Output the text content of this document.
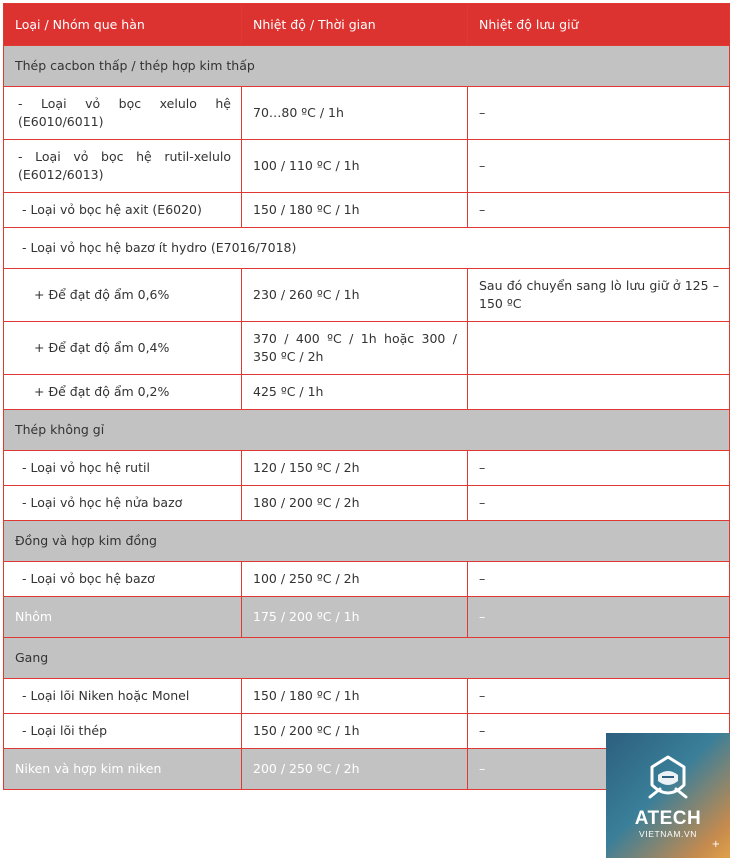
Loại / Nhóm que hàn	Nhiệt độ / Thời gian	Nhiệt độ lưu giữ
Thép cacbon thấp / thép hợp kim thấp		
- Loại vỏ bọc xelulo hệ (E6010/6011)	70…80 ºC / 1h	–
- Loại vỏ bọc hệ rutil-xelulo (E6012/6013)	100 / 110 ºC / 1h	–
- Loại vỏ bọc hệ axit (E6020)	150 / 180 ºC / 1h	–
- Loại vỏ học hệ bazơ ít hydro (E7016/7018)		
+ Để đạt độ ẩm 0,6%	230 / 260 ºC / 1h	Sau đó chuyển sang lò lưu giữ ở 125 – 150 ºC
+ Để đạt độ ẩm 0,4%	370 / 400 ºC / 1h hoặc 300 / 350 ºC / 2h	
+ Để đạt độ ẩm 0,2%	425 ºC / 1h	
Thép không gỉ		
- Loại vỏ học hệ rutil	120 / 150 ºC / 2h	–
- Loại vỏ học hệ nửa bazơ	180 / 200 ºC / 2h	–
Đồng và hợp kim đồng		
- Loại vỏ bọc hệ bazơ	100 / 250 ºC / 2h	–
Nhôm	175 / 200 ºC / 1h	–
Gang		
- Loại lõi Niken hoặc Monel	150 / 180 ºC / 1h	–
- Loại lõi thép	150 / 200 ºC / 1h	–
Niken và hợp kim niken	200 / 250 ºC / 2h	–
ATECH
VIETNAM.VN
+
